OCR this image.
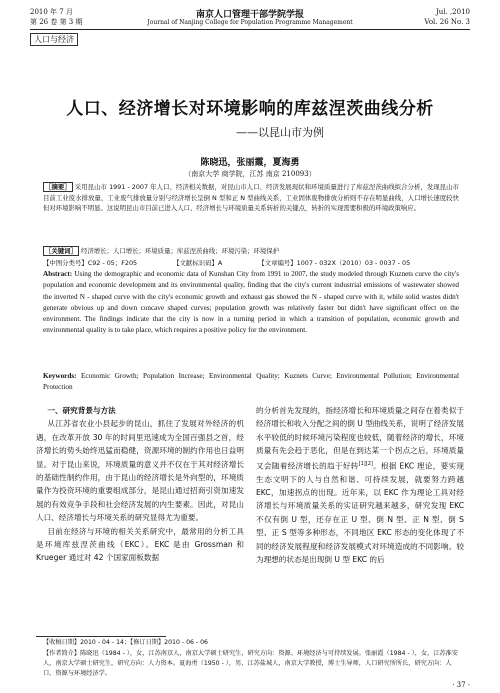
2010 年 7 月
第 26 卷 第 3 期
南京人口管理干部学院学报
Journal of Nanjing College for Population Programme Management
Jul. ,2010
Vol. 26 No. 3
人口与经济
人口、经济增长对环境影响的库兹涅茨曲线分析
——以昆山市为例
陈晓迅，张丽霞，夏海勇
（南京大学 商学院，江苏 南京 210093）
［摘要］ 采用昆山市 1991 - 2007 年人口、经济相关数据，对昆山市人口、经济发展现状和环境质量进行了库兹涅茨曲线拟合分析，发现昆山市目前工业废水排放量、工业废气排放量分别与经济增长呈倒 N 型和正 N 型曲线关系，工业固体废物排放分析则不存在明显曲线，人口增长速度较快但对环境影响不明显。这说明昆山市目前已进入人口、经济增长与环境质量关系转折的关键点，转折的实现需要积极的环境政策响应。
［关键词］ 经济增长；人口增长；环境质量；库兹涅茨曲线；环境污染；环境保护
【中图分类号】C92 - 05；F205	【文献标识码】A	【文章编号】1007 - 032X（2010）03 - 0037 - 05
Abstract: Using the demographic and economic data of Kunshan City from 1991 to 2007, the study modeled through Kuznets curve the city's population and economic development and its environmental quality, finding that the city's current industrial emissions of wastewater showed the inverted N - shaped curve with the city's economic growth and exhaust gas showed the N - shaped curve with it, while solid wastes didn't generate obvious up and down concave shaped curves; population growth was relatively faster but didn't have significant effect on the environment. The findings indicate that the city is now in a turning period in which a transition of population, economic growth and environmental quality is to take place, which requires a positive policy for the environment.
Keywords: Economic Growth; Population Increase; Environmental Quality; Kuznets Curve; Environmental Pollution; Environmental Protection
一、研究背景与方法

从江苏省农业小县起步的昆山，抓住了发展对外经济的机遇，在改革开放 30 年的时间里迅速成为全国百强县之首，经济增长的势头始终迅猛而稳健，资源环境的制约作用也日益明显。对于昆山来说，环境质量的意义并不仅在于其对经济增长的基础性制约作用，由于昆山的经济增长是外向型的，环境质量作为投资环境的重要组成部分，是昆山通过招商引资加速发展的有效竞争手段和社会经济发展的内生要素。因此，对昆山人口、经济增长与环境关系的研究显得尤为重要。

目前在经济与环境的相关关系研究中，最常用的分析工具是环境库兹涅茨曲线（EKC）。EKC 是由 Grossman 和 Krueger 通过对 42 个国家面板数据

的分析首先发现的，指经济增长和环境质量之间存在着类似于经济增长和收入分配之间的倒 U 型曲线关系，说明了经济发展水平较低的时候环境污染程度也较低，随着经济的增长，环境质量有先会趋于恶化，但是在到达某一个拐点之后，环境质量又会随着经济增长的趋于好转[1][2]。根据 EKC 理论，要实现生态文明下的人与自然和谐、可持续发展，就要努力跨越 EKC，加速拐点的出现。近年来，以 EKC 作为理论工具对经济增长与环境质量关系的实证研究越来越多，研究发现 EKC 不仅有倒 U 型，还存在正 U 型、倒 N 型、正 N 型、倒 S 型、正 S 型等多种形态，不同地区 EKC 形态的变化体现了不同的经济发展程度和经济发展模式对环境造成的不同影响。较为理想的状态是出现倒 U 型 EKC 的后

【收稿日期】2010 - 04 - 14；【修订日期】2010 - 06 - 06
【作者简介】陈晓迅（1984 - ），女，江苏南京人，南京大学硕士研究生，研究方向：资源、环境经济与可持续发展。张丽霞（1984 - ），女，江苏淮安人，南京大学硕士研究生，研究方向：人力资本。夏海勇（1950 - ），男，江苏盐城人，南京大学教授，博士生导师，人口研究所所长，研究方向：人口、资源与环境经济学。
· 37 ·
